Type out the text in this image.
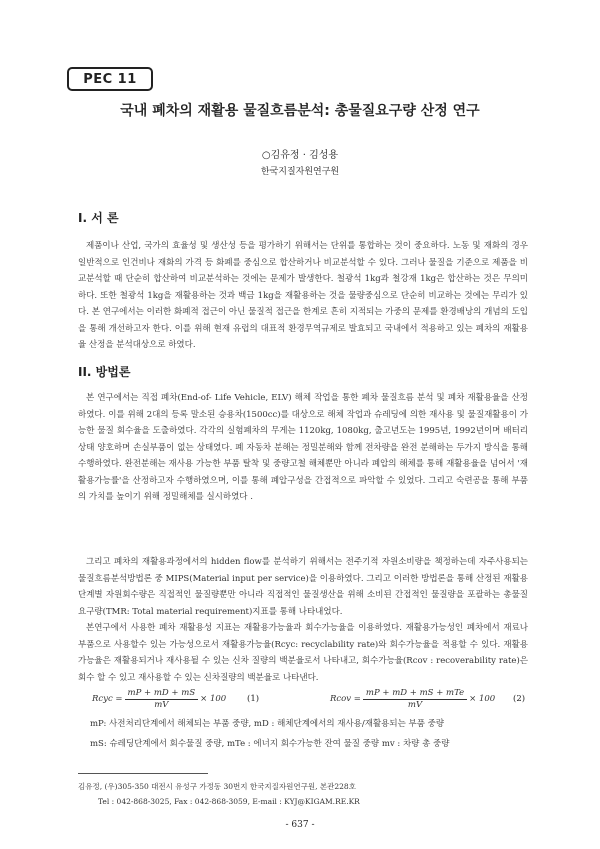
PEC 11
국내 폐차의 재활용 물질흐름분석: 총물질요구량 산정 연구
○김유정 · 김성용
한국지질자원연구원
I. 서 론

제품이나 산업, 국가의 효율성 및 생산성 등을 평가하기 위해서는 단위를 통합하는 것이 중요하다. 노동 및 재화의 경우 일반적으로 인건비나 재화의 가격 등 화폐를 중심으로 합산하거나 비교분석할 수 있다. 그러나 물질을 기준으로 제품을 비교분석할 때 단순히 합산하여 비교분석하는 것에는 문제가 발생한다. 철광석 1kg과 철강재 1kg은 합산하는 것은 무의미하다. 또한 철광석 1kg을 재활용하는 것과 백금 1kg을 재활용하는 것을 물량중심으로 단순히 비교하는 것에는 무리가 있다. 본 연구에서는 이러한 화폐적 접근이 아닌 물질적 접근을 한계로 흔히 지적되는 가중의 문제를 환경배낭의 개념의 도입을 통해 개선하고자 한다. 이를 위해 현재 유럽의 대표적 환경무역규제로 발효되고 국내에서 적용하고 있는 폐차의 재활용율 산정을 분석대상으로 하였다.

II. 방법론

본 연구에서는 직접 폐차(End-of- Life Vehicle, ELV) 해체 작업을 통한 폐차 물질흐름 분석 및 폐차 재활용율을 산정하였다. 이를 위해 2대의 등록 말소된 승용차(1500cc)를 대상으로 해체 작업과 슈레딩에 의한 재사용 및 물질재활용이 가능한 물질 회수율을 도출하였다. 각각의 실험폐차의 무게는 1120kg, 1080kg, 출고년도는 1995년, 1992년이며 배터리상태 양호하며 손실부품이 없는 상태였다. 폐 자동차 분해는 정밀분해와 함께 전차량을 완전 분해하는 두가지 방식을 통해 수행하였다. 완전분해는 재사용 가능한 부품 탈착 및 중량고철 해체뿐만 아니라 폐압의 해체를 통해 재활용율을 넘어서 '재활용가능률'을 산정하고자 수행하였으며, 이를 통해 폐압구성을 간접적으로 파악할 수 있었다. 그리고 숙련공을 통해 부품의 가치를 높이기 위해 정밀해체를 실시하였다 .

그리고 폐차의 재활용과정에서의 hidden flow를 분석하기 위해서는 전주기적 자원소비량을 책정하는데 자주사용되는 물질흐름분석방법론 중 MIPS(Material input per service)을 이용하였다. 그리고 이러한 방법론을 통해 산정된 재활용 단계별 자원회수량은 직접적인 물질량뿐만 아니라 직접적인 물질생산을 위해 소비된 간접적인 물질량을 포괄하는 총물질요구량(TMR: Total material requirement)지표를 통해 나타내었다.

본연구에서 사용한 폐차 재활용성 지표는 재활용가능율과 회수가능율을 이용하였다. 재활용가능성인 폐차에서 재료나 부품으로 사용할수 있는 가능성으로서 재활용가능율(Rcyc: recyclability rate)와 회수가능율을 적용할 수 있다. 재활용가능율은 재활용되거나 재사용될 수 있는 신차 질량의 백분율로서 나타내고, 회수가능율(Rcov : recoverability rate)은 회수 할 수 있고 재사용할 수 있는 신차질량의 백분율로 나타낸다.

Rcyc = $\frac{mP + mD + mS}{mV} \times 100$ (1)	Rcov = $\frac{\text{mP + mD + mS + mTe}}{mV} \times 100$ (2)
mP: 사전처리단계에서 해체되는 부품 중량, mD : 해체단계에서의 재사용/재활용되는 부품 중량
mS: 슈레딩단계에서 회수물질 중량, mTe : 에너지 회수가능한 잔여 물질 중량 mv : 차량 총 중량
김유정, (우)305-350 대전시 유성구 가정동 30번지 한국지질자원연구원, 본관228호
Tel : 042-868-3025, Fax : 042-868-3059, E-mail : KYJ@KIGAM.RE.KR
- 637 -
